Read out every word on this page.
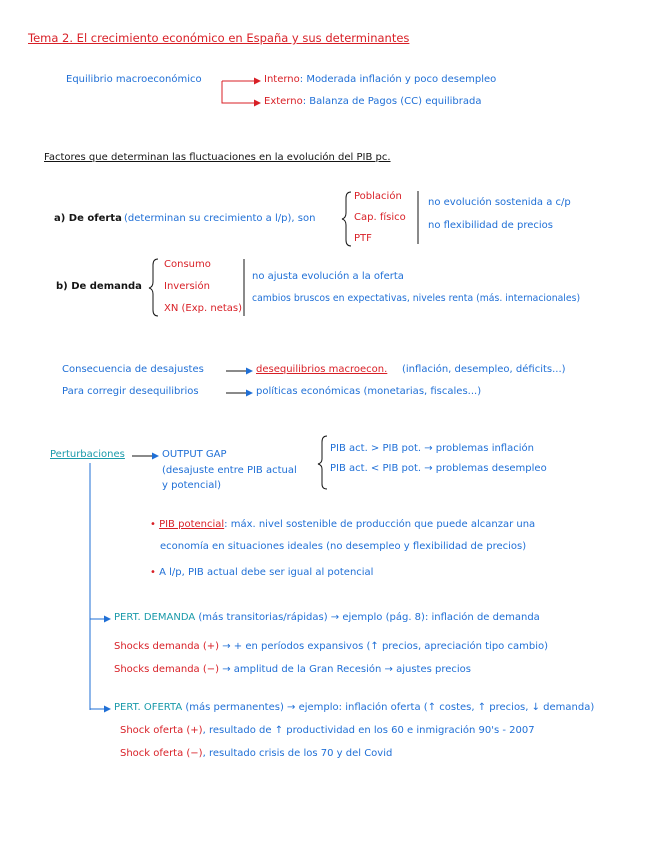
Tema 2. El crecimiento económico en España y sus determinantes
Equilibrio macroeconómico	Interno: Moderada inflación y poco desempleo
Externo: Balanza de Pagos (CC) equilibrada
Factores que determinan las fluctuaciones en la evolución del PIB pc.
a) De oferta (determinan su crecimiento a l/p), son
Población
Cap. físico
PTF
no evolución sostenida a c/p
no flexibilidad de precios
b) De demanda
Consumo
Inversión
XN (Exp. netas)
no ajusta evolución a la oferta
cambios bruscos en expectativas, niveles renta (más. internacionales)
Consecuencia de desajustes	desequilibrios macroecon. (inflación, desempleo, déficits...)
Para corregir desequilibrios	políticas económicas (monetarias, fiscales...)
Perturbaciones	OUTPUT GAP
(desajuste entre PIB actual
y potencial)
PIB act. > PIB pot. → problemas inflación
PIB act. < PIB pot. → problemas desempleo
• PIB potencial: máx. nivel sostenible de producción que puede alcanzar una
economía en situaciones ideales (no desempleo y flexibilidad de precios)
• A l/p, PIB actual debe ser igual al potencial
PERT. DEMANDA (más transitorias/rápidas) → ejemplo (pág. 8): inflación de demanda
Shocks demanda (+) → + en períodos expansivos (↑ precios, apreciación tipo cambio)
Shocks demanda (−) → amplitud de la Gran Recesión → ajustes precios
PERT. OFERTA (más permanentes) → ejemplo: inflación oferta (↑ costes, ↑ precios, ↓ demanda)
Shock oferta (+), resultado de ↑ productividad en los 60 e inmigración 90's - 2007
Shock oferta (−), resultado crisis de los 70 y del Covid
